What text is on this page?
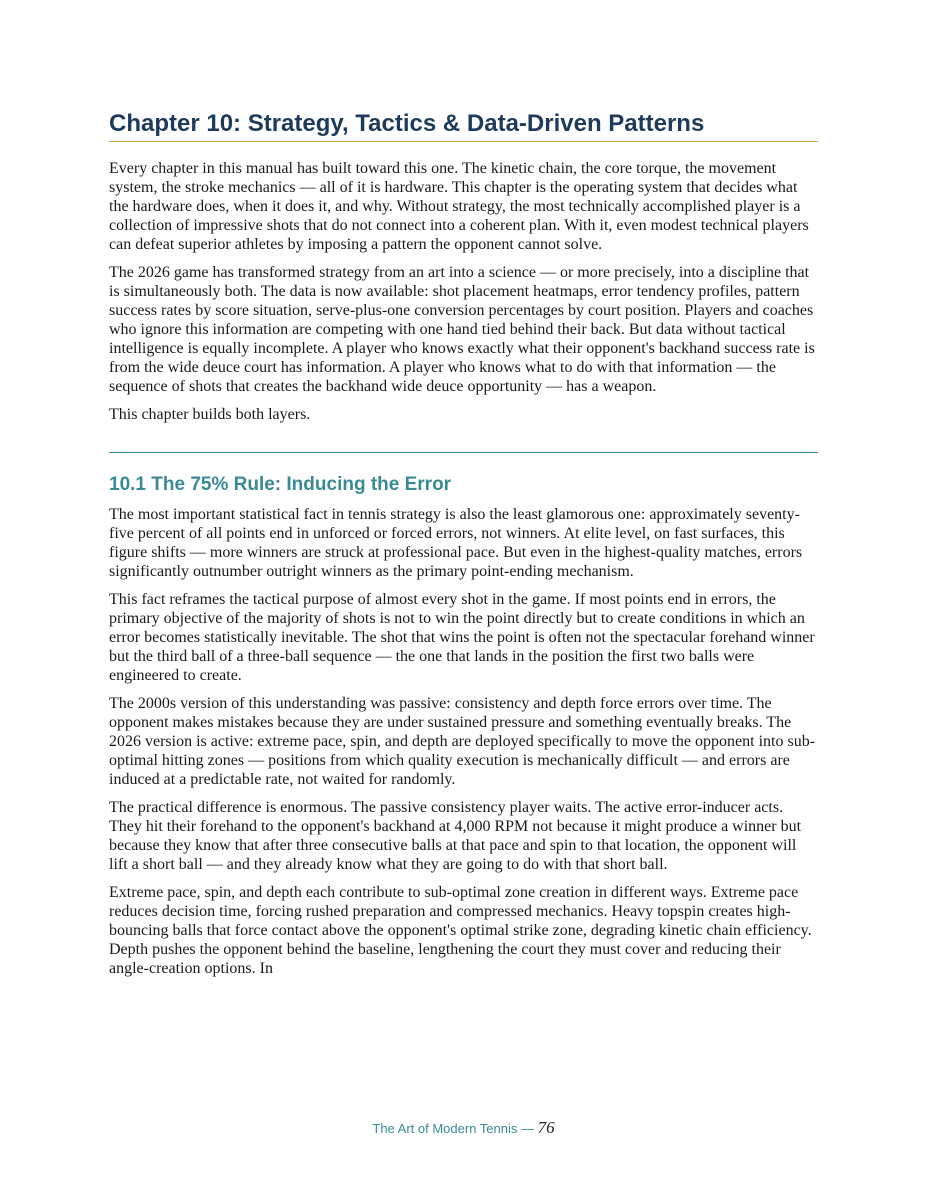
Chapter 10: Strategy, Tactics & Data-Driven Patterns

Every chapter in this manual has built toward this one. The kinetic chain, the core torque, the movement system, the stroke mechanics — all of it is hardware. This chapter is the operating system that decides what the hardware does, when it does it, and why. Without strategy, the most technically accomplished player is a collection of impressive shots that do not connect into a coherent plan. With it, even modest technical players can defeat superior athletes by imposing a pattern the opponent cannot solve.

The 2026 game has transformed strategy from an art into a science — or more precisely, into a discipline that is simultaneously both. The data is now available: shot placement heatmaps, error tendency profiles, pattern success rates by score situation, serve-plus-one conversion percentages by court position. Players and coaches who ignore this information are competing with one hand tied behind their back. But data without tactical intelligence is equally incomplete. A player who knows exactly what their opponent's backhand success rate is from the wide deuce court has information. A player who knows what to do with that information — the sequence of shots that creates the backhand wide deuce opportunity — has a weapon.

This chapter builds both layers.

10.1 The 75% Rule: Inducing the Error

The most important statistical fact in tennis strategy is also the least glamorous one: approximately seventy-five percent of all points end in unforced or forced errors, not winners. At elite level, on fast surfaces, this figure shifts — more winners are struck at professional pace. But even in the highest-quality matches, errors significantly outnumber outright winners as the primary point-ending mechanism.

This fact reframes the tactical purpose of almost every shot in the game. If most points end in errors, the primary objective of the majority of shots is not to win the point directly but to create conditions in which an error becomes statistically inevitable. The shot that wins the point is often not the spectacular forehand winner but the third ball of a three-ball sequence — the one that lands in the position the first two balls were engineered to create.

The 2000s version of this understanding was passive: consistency and depth force errors over time. The opponent makes mistakes because they are under sustained pressure and something eventually breaks. The 2026 version is active: extreme pace, spin, and depth are deployed specifically to move the opponent into sub-optimal hitting zones — positions from which quality execution is mechanically difficult — and errors are induced at a predictable rate, not waited for randomly.

The practical difference is enormous. The passive consistency player waits. The active error-inducer acts. They hit their forehand to the opponent's backhand at 4,000 RPM not because it might produce a winner but because they know that after three consecutive balls at that pace and spin to that location, the opponent will lift a short ball — and they already know what they are going to do with that short ball.

Extreme pace, spin, and depth each contribute to sub-optimal zone creation in different ways. Extreme pace reduces decision time, forcing rushed preparation and compressed mechanics. Heavy topspin creates high-bouncing balls that force contact above the opponent's optimal strike zone, degrading kinetic chain efficiency. Depth pushes the opponent behind the baseline, lengthening the court they must cover and reducing their angle-creation options. In

The Art of Modern Tennis — 76
